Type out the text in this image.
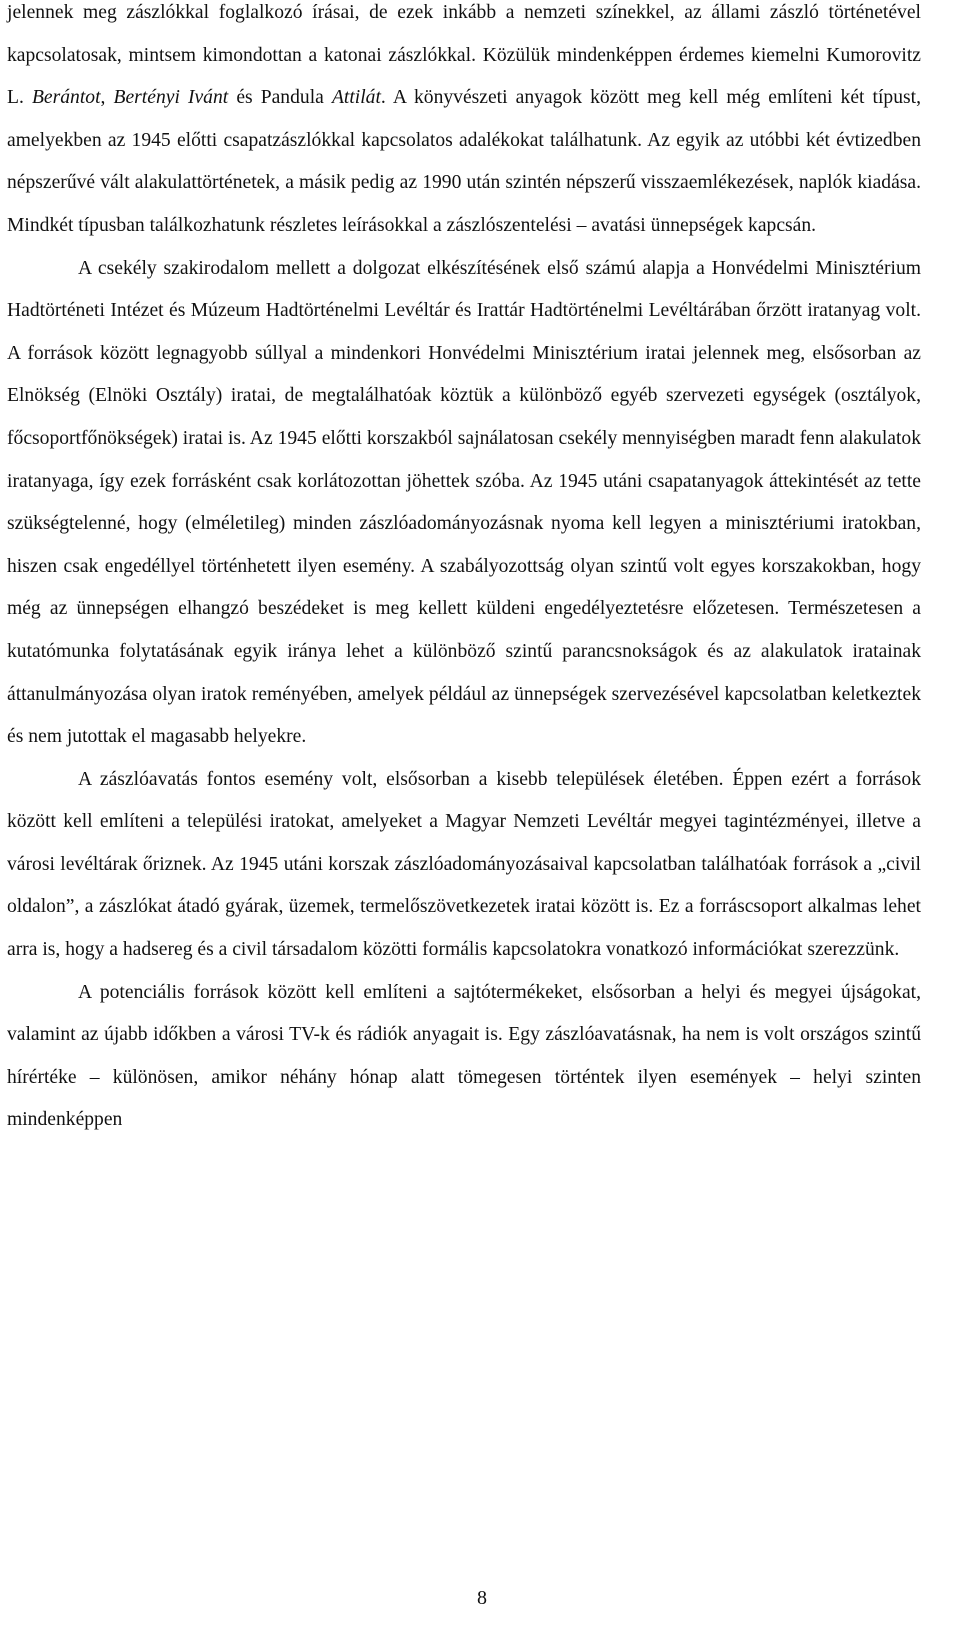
jelennek meg zászlókkal foglalkozó írásai, de ezek inkább a nemzeti színekkel, az állami zászló történetével kapcsolatosak, mintsem kimondottan a katonai zászlókkal. Közülük mindenképpen érdemes kiemelni Kumorovitz L. Berántot, Bertényi Ivánt és Pandula Attilát. A könyvészeti anyagok között meg kell még említeni két típust, amelyekben az 1945 előtti csapatzászlókkal kapcsolatos adalékokat találhatunk. Az egyik az utóbbi két évtizedben népszerűvé vált alakulattörténetek, a másik pedig az 1990 után szintén népszerű visszaemlékezések, naplók kiadása. Mindkét típusban találkozhatunk részletes leírásokkal a zászlószentelési – avatási ünnepségek kapcsán.

A csekély szakirodalom mellett a dolgozat elkészítésének első számú alapja a Honvédelmi Minisztérium Hadtörténeti Intézet és Múzeum Hadtörténelmi Levéltár és Irattár Hadtörténelmi Levéltárában őrzött iratanyag volt. A források között legnagyobb súllyal a mindenkori Honvédelmi Minisztérium iratai jelennek meg, elsősorban az Elnökség (Elnöki Osztály) iratai, de megtalálhatóak köztük a különböző egyéb szervezeti egységek (osztályok, főcsoportfőnökségek) iratai is. Az 1945 előtti korszakból sajnálatosan csekély mennyiségben maradt fenn alakulatok iratanyaga, így ezek forrásként csak korlátozottan jöhettek szóba. Az 1945 utáni csapatanyagok áttekintését az tette szükségtelenné, hogy (elméletileg) minden zászlóadományozásnak nyoma kell legyen a minisztériumi iratokban, hiszen csak engedéllyel történhetett ilyen esemény. A szabályozottság olyan szintű volt egyes korszakokban, hogy még az ünnepségen elhangzó beszédeket is meg kellett küldeni engedélyeztetésre előzetesen. Természetesen a kutatómunka folytatásának egyik iránya lehet a különböző szintű parancsnokságok és az alakulatok iratainak áttanulmányozása olyan iratok reményében, amelyek például az ünnepségek szervezésével kapcsolatban keletkeztek és nem jutottak el magasabb helyekre.

A zászlóavatás fontos esemény volt, elsősorban a kisebb települések életében. Éppen ezért a források között kell említeni a települési iratokat, amelyeket a Magyar Nemzeti Levéltár megyei tagintézményei, illetve a városi levéltárak őriznek. Az 1945 utáni korszak zászlóadományozásaival kapcsolatban találhatóak források a „civil oldalon”, a zászlókat átadó gyárak, üzemek, termelőszövetkezetek iratai között is. Ez a forráscsoport alkalmas lehet arra is, hogy a hadsereg és a civil társadalom közötti formális kapcsolatokra vonatkozó információkat szerezzünk.

A potenciális források között kell említeni a sajtótermékeket, elsősorban a helyi és megyei újságokat, valamint az újabb időkben a városi TV-k és rádiók anyagait is. Egy zászlóavatásnak, ha nem is volt országos szintű hírértéke – különösen, amikor néhány hónap alatt tömegesen történtek ilyen események – helyi szinten mindenképpen

8
